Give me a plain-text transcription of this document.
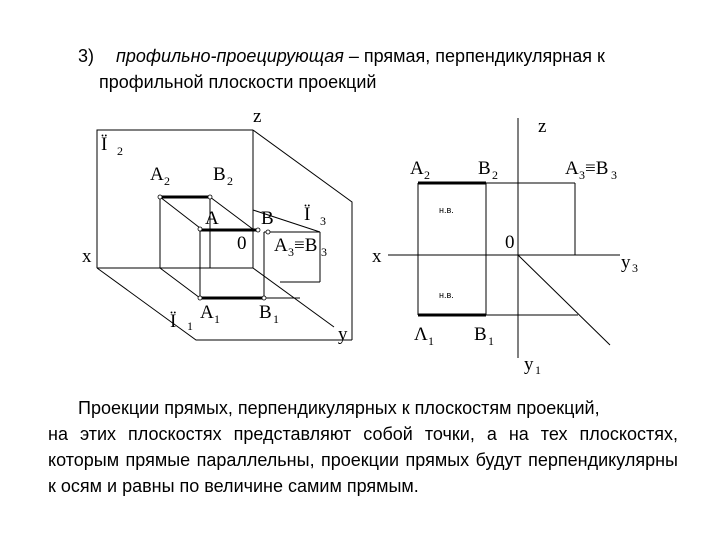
3) профильно-проецирующая – прямая, перпендикулярная к
профильной плоскости проекций
z
x
y
0
Ï 2
Ï 3
Ï 1
A 2 B 2
A B
A 3 ≡B 3
A 1 B 1
z
x
0
y 3
y 1
A 2	B 2	A 3 ≡B 3
н.в.
н.в.
Λ 1 B 1
Проекции прямых, перпендикулярных к плоскостям проекций,
на этих плоскостях представляют собой точки, а на тех плоскостях, которым прямые параллельны, проекции прямых будут перпендикулярны к осям и равны по величине самим прямым.
